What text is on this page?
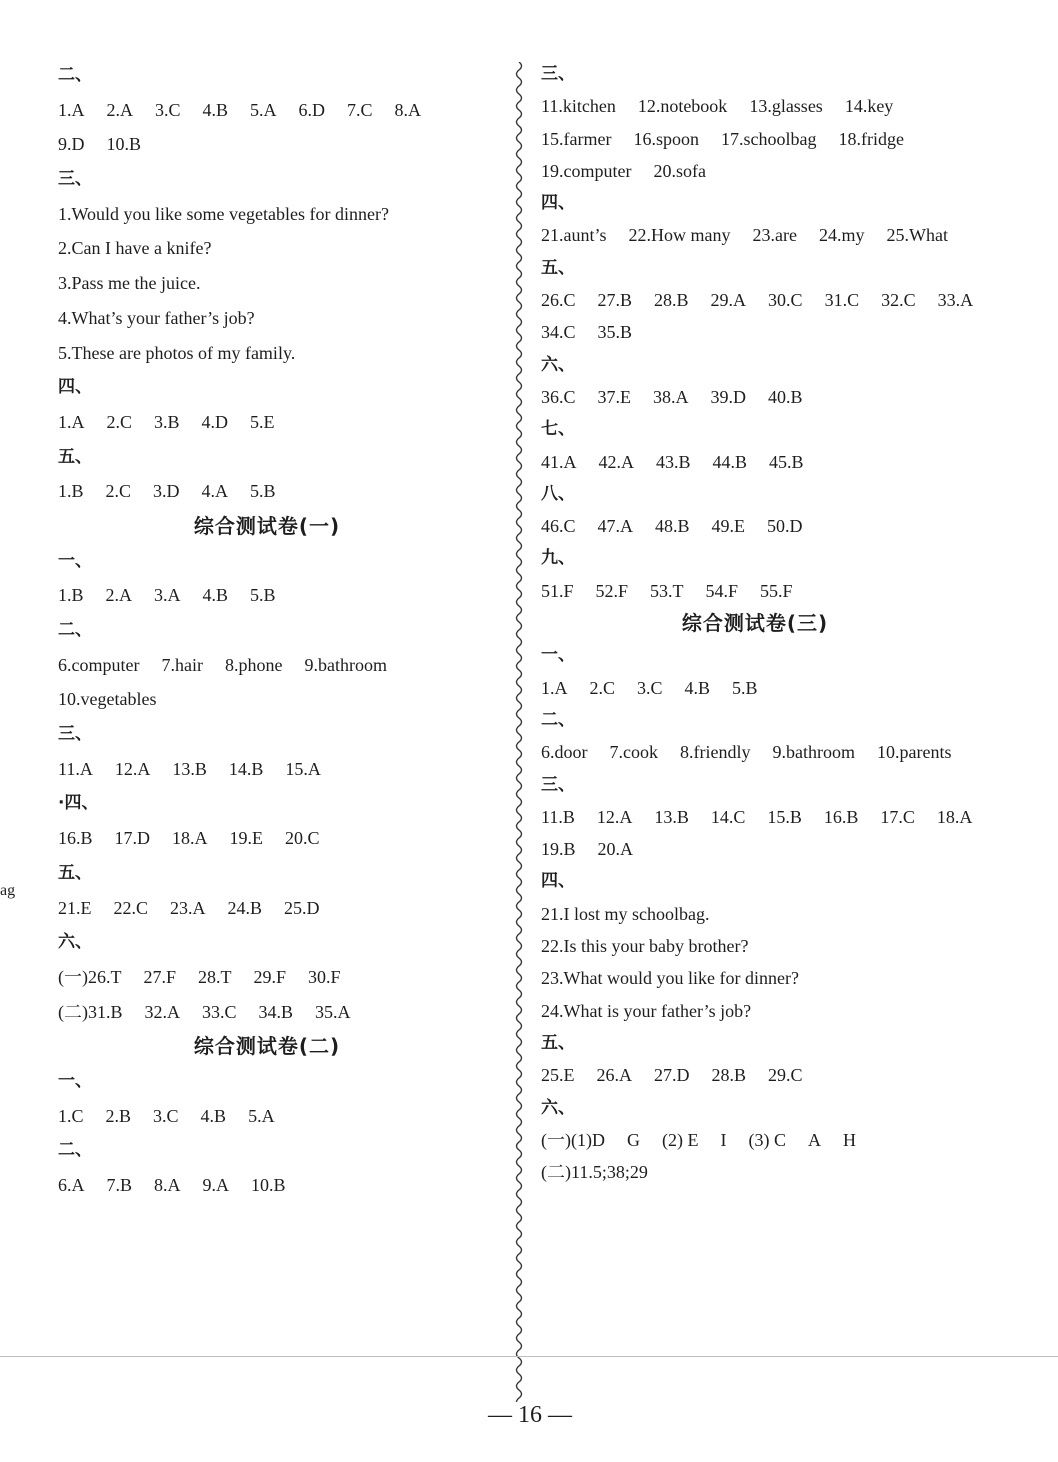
二、
1.A 2.A 3.C 4.B 5.A 6.D 7.C 8.A
9.D 10.B
三、
1.Would you like some vegetables for dinner?
2.Can I have a knife?
3.Pass me the juice.
4.What’s your father’s job?
5.These are photos of my family.
四、
1.A 2.C 3.B 4.D 5.E
五、
1.B 2.C 3.D 4.A 5.B
综合测试卷(一)
一、
1.B 2.A 3.A 4.B 5.B
二、
6.computer 7.hair 8.phone 9.bathroom
10.vegetables
三、
11.A 12.A 13.B 14.B 15.A
·四、
16.B 17.D 18.A 19.E 20.C
五、
21.E 22.C 23.A 24.B 25.D
六、
(一)26.T 27.F 28.T 29.F 30.F
(二)31.B 32.A 33.C 34.B 35.A
综合测试卷(二)
一、
1.C 2.B 3.C 4.B 5.A
二、
6.A 7.B 8.A 9.A 10.B
三、
11.kitchen 12.notebook 13.glasses 14.key
15.farmer 16.spoon 17.schoolbag 18.fridge
19.computer 20.sofa
四、
21.aunt’s 22.How many 23.are 24.my 25.What
五、
26.C 27.B 28.B 29.A 30.C 31.C 32.C 33.A
34.C 35.B
六、
36.C 37.E 38.A 39.D 40.B
七、
41.A 42.A 43.B 44.B 45.B
八、
46.C 47.A 48.B 49.E 50.D
九、
51.F 52.F 53.T 54.F 55.F
综合测试卷(三)
一、
1.A 2.C 3.C 4.B 5.B
二、
6.door 7.cook 8.friendly 9.bathroom 10.parents
三、
11.B 12.A 13.B 14.C 15.B 16.B 17.C 18.A
19.B 20.A
四、
21.I lost my schoolbag.
22.Is this your baby brother?
23.What would you like for dinner?
24.What is your father’s job?
五、
25.E 26.A 27.D 28.B 29.C
六、
(一)(1)D G (2) E I (3) C A H
(二)11.5;38;29
ag
— 16 —
